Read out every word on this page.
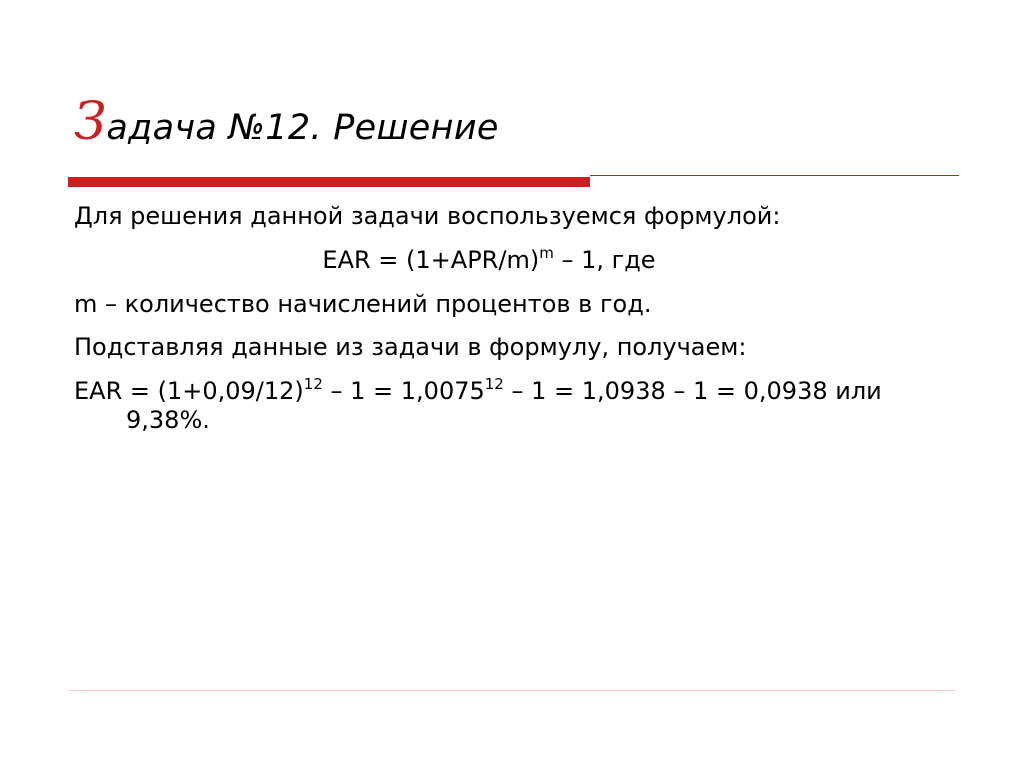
Задача №12. Решение

Для решения данной задачи воспользуемся формулой:

EAR = $(1+APR/m)^m - 1$, где

m – количество начислений процентов в год.

Подставляя данные из задачи в формулу, получаем:

EAR = $(1+0,09/12)^{12} - 1 = 1,0075^{12} - 1 = 1,0938 - 1 = 0,0938$ или 9,38%.
